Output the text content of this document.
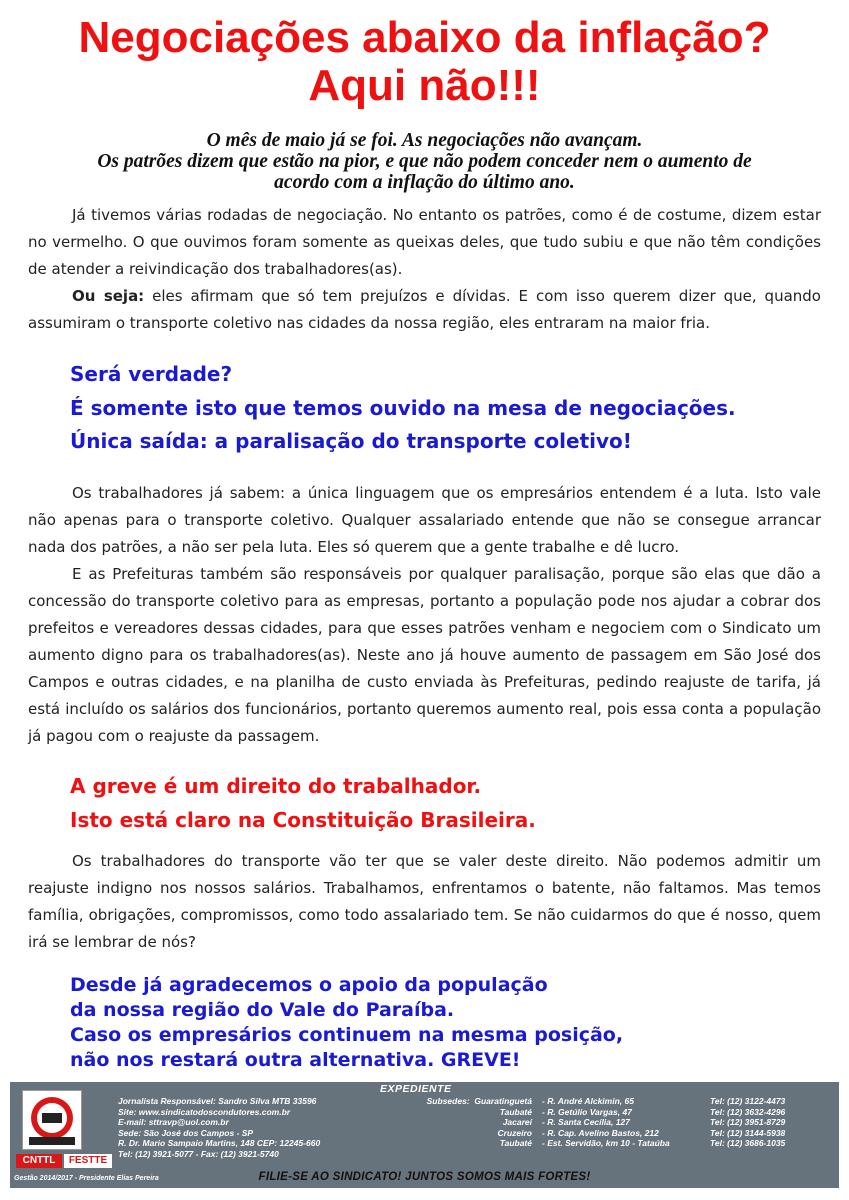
Negociações abaixo da inflação?
Aqui não!!!
O mês de maio já se foi. As negociações não avançam.
Os patrões dizem que estão na pior, e que não podem conceder nem o aumento de
acordo com a inflação do último ano.

Já tivemos várias rodadas de negociação. No entanto os patrões, como é de costume, dizem estar no vermelho. O que ouvimos foram somente as queixas deles, que tudo subiu e que não têm condições de atender a reivindicação dos trabalhadores(as).

Ou seja: eles afirmam que só tem prejuízos e dívidas. E com isso querem dizer que, quando assumiram o transporte coletivo nas cidades da nossa região, eles entraram na maior fria.

Será verdade?
É somente isto que temos ouvido na mesa de negociações.
Única saída: a paralisação do transporte coletivo!

Os trabalhadores já sabem: a única linguagem que os empresários entendem é a luta. Isto vale não apenas para o transporte coletivo. Qualquer assalariado entende que não se consegue arrancar nada dos patrões, a não ser pela luta. Eles só querem que a gente trabalhe e dê lucro.

E as Prefeituras também são responsáveis por qualquer paralisação, porque são elas que dão a concessão do transporte coletivo para as empresas, portanto a população pode nos ajudar a cobrar dos prefeitos e vereadores dessas cidades, para que esses patrões venham e negociem com o Sindicato um aumento digno para os trabalhadores(as). Neste ano já houve aumento de passagem em São José dos Campos e outras cidades, e na planilha de custo enviada às Prefeituras, pedindo reajuste de tarifa, já está incluído os salários dos funcionários, portanto queremos aumento real, pois essa conta a população já pagou com o reajuste da passagem.

A greve é um direito do trabalhador.
Isto está claro na Constituição Brasileira.

Os trabalhadores do transporte vão ter que se valer deste direito. Não podemos admitir um reajuste indigno nos nossos salários. Trabalhamos, enfrentamos o batente, não faltamos. Mas temos família, obrigações, compromissos, como todo assalariado tem. Se não cuidarmos do que é nosso, quem irá se lembrar de nós?

Desde já agradecemos o apoio da população
da nossa região do Vale do Paraíba.
Caso os empresários continuem na mesma posição,
não nos restará outra alternativa. GREVE!
CNTTL	FESTTE
Gestão 2014/2017 - Presidente Elias Pereira
EXPEDIENTE
Jornalista Responsável: Sandro Silva MTB 33596
Site: www.sindicatodoscondutores.com.br
E-mail: sttravp@uol.com.br
Sede: São José dos Campos - SP
R. Dr. Mario Sampaio Martins, 148 CEP: 12245-660
Tel: (12) 3921-5077 - Fax: (12) 3921-5740
Subsedes: Guaratinguetá
Taubaté
Jacareí
Cruzeiro
Taubaté
- R. André Alckimin, 65
- R. Getúlio Vargas, 47
- R. Santa Cecília, 127
- R. Cap. Avelino Bastos, 212
- Est. Servidão, km 10 - Tataúba
Tel: (12) 3122-4473
Tel: (12) 3632-4296
Tel: (12) 3951-8729
Tel: (12) 3144-5938
Tel: (12) 3686-1035
FILIE-SE AO SINDICATO! JUNTOS SOMOS MAIS FORTES!
